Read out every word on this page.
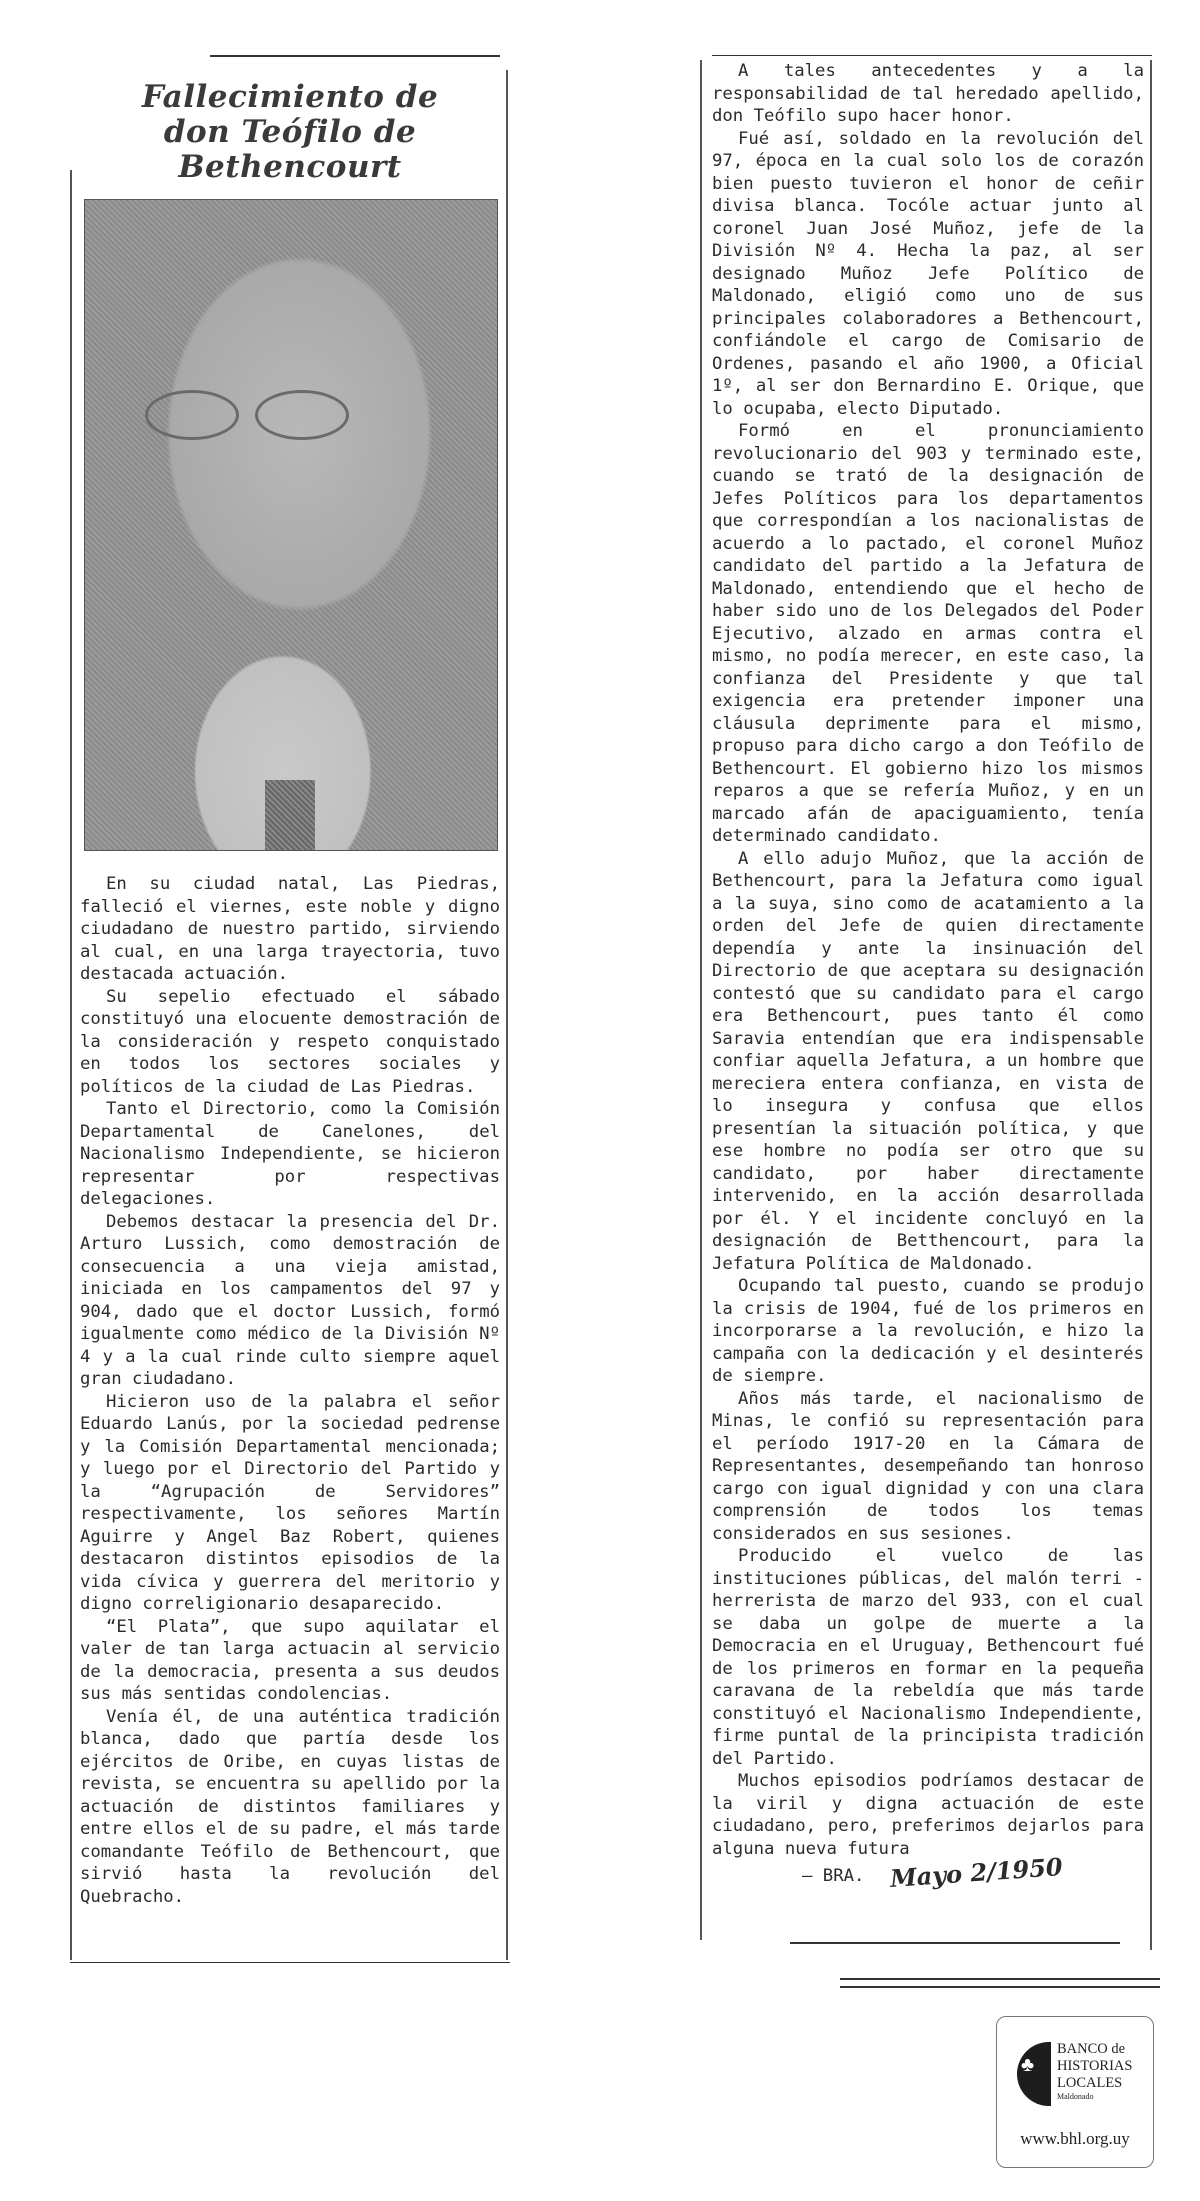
Fallecimiento de
don Teófilo de
Bethencourt

En su ciudad natal, Las Piedras, falleció el viernes, este noble y digno ciudadano de nuestro partido, sirviendo al cual, en una larga trayectoria, tuvo destacada actuación.

Su sepelio efectuado el sábado constituyó una elocuente demostración de la consideración y respeto conquistado en todos los sectores sociales y políticos de la ciudad de Las Piedras.

Tanto el Directorio, como la Comisión Departamental de Canelones, del Nacionalismo Independiente, se hicieron representar por respectivas delegaciones.

Debemos destacar la presencia del Dr. Arturo Lussich, como demostración de consecuencia a una vieja amistad, iniciada en los campamentos del 97 y 904, dado que el doctor Lussich, formó igualmente como médico de la División Nº 4 y a la cual rinde culto siempre aquel gran ciudadano.

Hicieron uso de la palabra el señor Eduardo Lanús, por la sociedad pedrense y la Comisión Departamental mencionada; y luego por el Directorio del Partido y la “Agrupación de Servidores” respectivamente, los señores Martín Aguirre y Angel Baz Robert, quienes destacaron distintos episodios de la vida cívica y guerrera del meritorio y digno correligionario desaparecido.

“El Plata”, que supo aquilatar el valer de tan larga actuacin al servicio de la democracia, presenta a sus deudos sus más sentidas condolencias.

Venía él, de una auténtica tradición blanca, dado que partía desde los ejércitos de Oribe, en cuyas listas de revista, se encuentra su apellido por la actuación de distintos familiares y entre ellos el de su padre, el más tarde comandante Teófilo de Bethencourt, que sirvió hasta la revolución del Quebracho.

A tales antecedentes y a la responsabilidad de tal heredado apellido, don Teófilo supo hacer honor.

Fué así, soldado en la revolución del 97, época en la cual solo los de corazón bien puesto tuvieron el honor de ceñir divisa blanca. Tocóle actuar junto al coronel Juan José Muñoz, jefe de la División Nº 4. Hecha la paz, al ser designado Muñoz Jefe Político de Maldonado, eligió como uno de sus principales colaboradores a Bethencourt, confiándole el cargo de Comisario de Ordenes, pasando el año 1900, a Oficial 1º, al ser don Bernardino E. Orique, que lo ocupaba, electo Diputado.

Formó en el pronunciamiento revolucionario del 903 y terminado este, cuando se trató de la designación de Jefes Políticos para los departamentos que correspondían a los nacionalistas de acuerdo a lo pactado, el coronel Muñoz candidato del partido a la Jefatura de Maldonado, entendiendo que el hecho de haber sido uno de los Delegados del Poder Ejecutivo, alzado en armas contra el mismo, no podía merecer, en este caso, la confianza del Presidente y que tal exigencia era pretender imponer una cláusula deprimente para el mismo, propuso para dicho cargo a don Teófilo de Bethencourt. El gobierno hizo los mismos reparos a que se refería Muñoz, y en un marcado afán de apaciguamiento, tenía determinado candidato.

A ello adujo Muñoz, que la acción de Bethencourt, para la Jefatura como igual a la suya, sino como de acatamiento a la orden del Jefe de quien directamente dependía y ante la insinuación del Directorio de que aceptara su designación contestó que su candidato para el cargo era Bethencourt, pues tanto él como Saravia entendían que era indispensable confiar aquella Jefatura, a un hombre que mereciera entera confianza, en vista de lo insegura y confusa que ellos presentían la situación política, y que ese hombre no podía ser otro que su candidato, por haber directamente intervenido, en la acción desarrollada por él. Y el incidente concluyó en la designación de Betthencourt, para la Jefatura Política de Maldonado.

Ocupando tal puesto, cuando se produjo la crisis de 1904, fué de los primeros en incorporarse a la revolución, e hizo la campaña con la dedicación y el desinterés de siempre.

Años más tarde, el nacionalismo de Minas, le confió su representación para el período 1917-20 en la Cámara de Representantes, desempeñando tan honroso cargo con igual dignidad y con una clara comprensión de todos los temas considerados en sus sesiones.

Producido el vuelco de las instituciones públicas, del malón terri - herrerista de marzo del 933, con el cual se daba un golpe de muerte a la Democracia en el Uruguay, Bethencourt fué de los primeros en formar en la pequeña caravana de la rebeldía que más tarde constituyó el Nacionalismo Independiente, firme puntal de la principista tradición del Partido.

Muchos episodios podríamos destacar de la viril y digna actuación de este ciudadano, pero, preferimos dejarlos para alguna nueva futura

— BRA. Mayo 2/1950
♣
BANCO de
HISTORIAS
LOCALES
Maldonado
www.bhl.org.uy
